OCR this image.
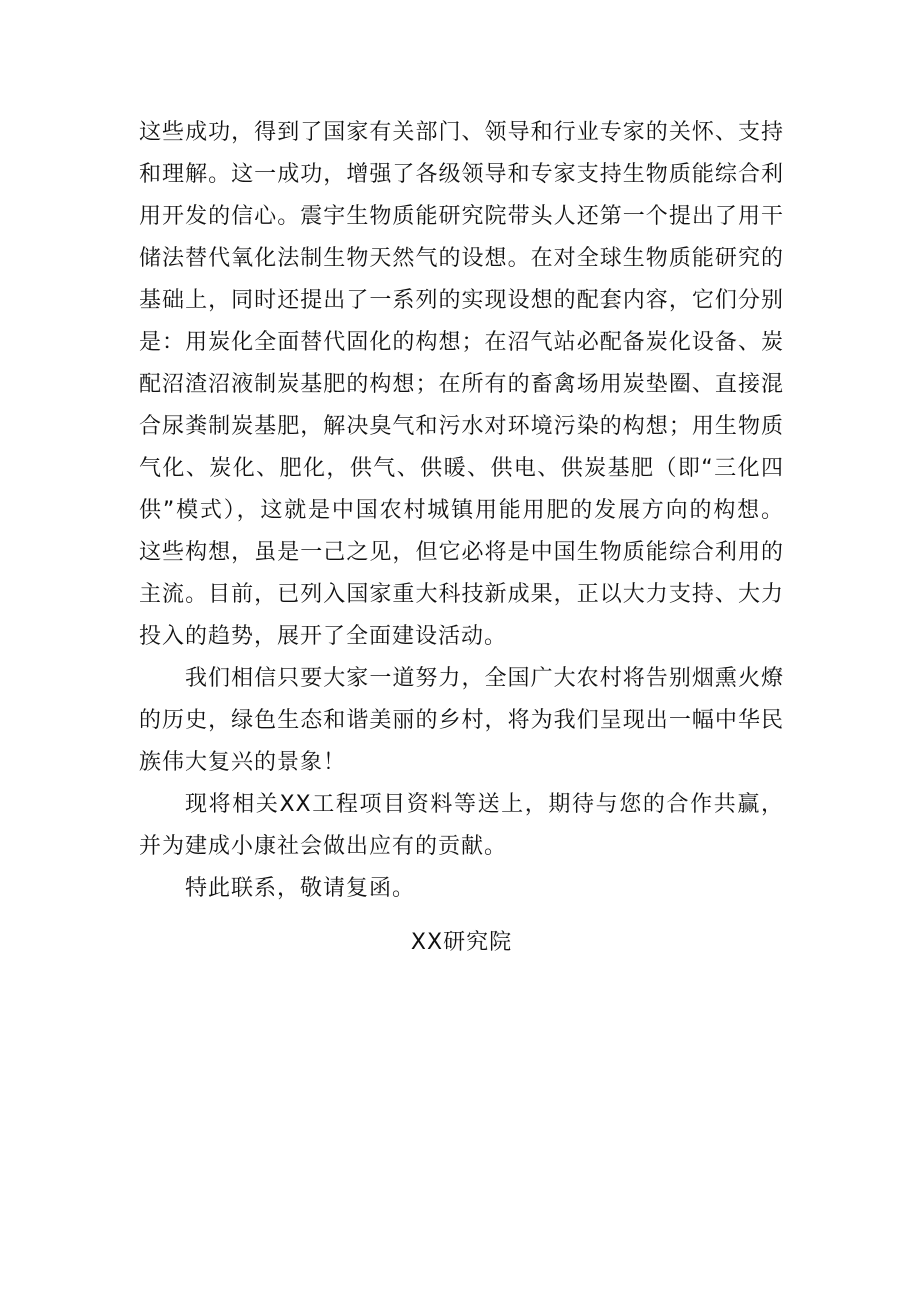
这些成功，得到了国家有关部门、领导和行业专家的关怀、支持和理解。这一成功，增强了各级领导和专家支持生物质能综合利用开发的信心。震宇生物质能研究院带头人还第一个提出了用干储法替代氧化法制生物天然气的设想。在对全球生物质能研究的基础上，同时还提出了一系列的实现设想的配套内容，它们分别是：用炭化全面替代固化的构想；在沼气站必配备炭化设备、炭配沼渣沼液制炭基肥的构想；在所有的畜禽场用炭垫圈、直接混合尿粪制炭基肥，解决臭气和污水对环境污染的构想；用生物质气化、炭化、肥化，供气、供暖、供电、供炭基肥（即“三化四供”模式），这就是中国农村城镇用能用肥的发展方向的构想。这些构想，虽是一己之见，但它必将是中国生物质能综合利用的主流。目前，已列入国家重大科技新成果，正以大力支持、大力投入的趋势，展开了全面建设活动。

我们相信只要大家一道努力，全国广大农村将告别烟熏火燎的历史，绿色生态和谐美丽的乡村，将为我们呈现出一幅中华民族伟大复兴的景象！

现将相关XX工程项目资料等送上，期待与您的合作共赢，并为建成小康社会做出应有的贡献。

特此联系，敬请复函。

XX研究院
